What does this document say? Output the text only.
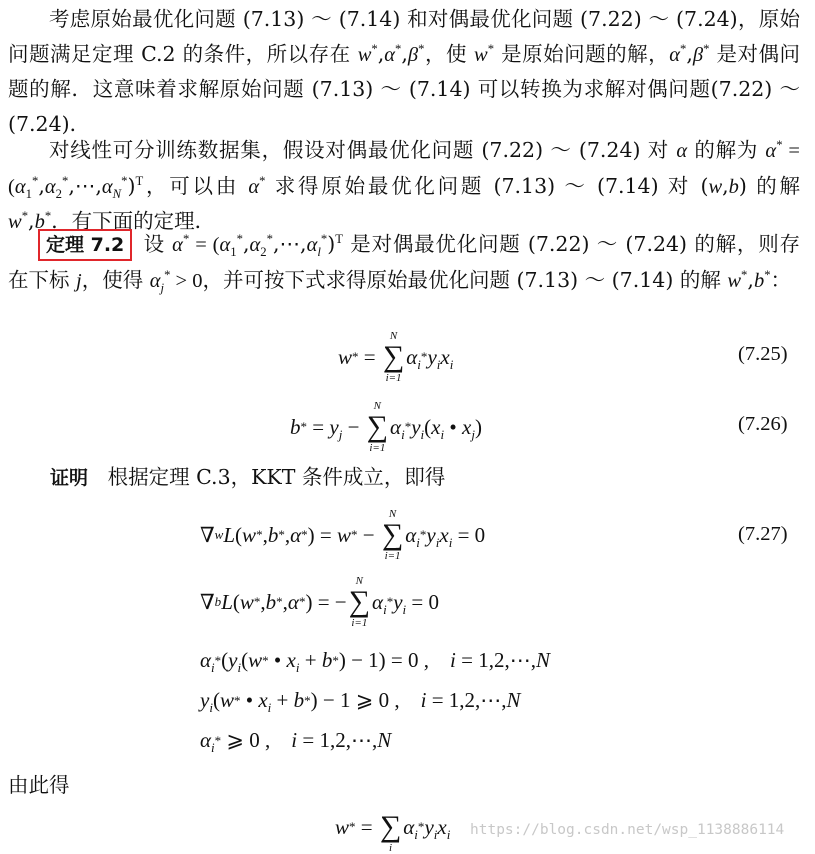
考虑原始最优化问题 (7.13) ～ (7.14) 和对偶最优化问题 (7.22) ～ (7.24)，原始问题满足定理 C.2 的条件，所以存在 w*,α*,β*，使 w* 是原始问题的解，α*,β* 是对偶问题的解．这意味着求解原始问题 (7.13) ～ (7.14) 可以转换为求解对偶问题(7.22) ～ (7.24)．

对线性可分训练数据集，假设对偶最优化问题 (7.22) ～ (7.24) 对 α 的解为 $\alpha^* = (\alpha_1^*,\alpha_2^*,\cdots,\alpha_N^*)^T$，可以由 α* 求得原始最优化问题 (7.13) ～ (7.14) 对 (w,b) 的解 w*,b*．有下面的定理．

定理 7.2 设 $\alpha^* = (\alpha_1^*,\alpha_2^*,\cdots,\alpha_l^*)^T$ 是对偶最优化问题 (7.22) ～ (7.24) 的解，则存在下标 j，使得 $\alpha_j^* > 0$，并可按下式求得原始最优化问题 (7.13) ～ (7.14) 的解 w*,b*：

w * =
N
∑
i=1
$\alpha_i$
* $y_ix_i$	(7.25)
b * = $y_j$ −
N
∑
i=1
$\alpha_i$
* $y_i$ ( $x_i$ • $x_j$ )	(7.26)

证明 根据定理 C.3，KKT 条件成立，即得

∇ w L ( w * , b * , α * ) = w * −
N
∑
i=1
$\alpha_i$
* $y_ix_i = 0$	(7.27)
∇ b L ( w * , b * , α * ) = −
N
∑
i=1
$\alpha_i$
* $y_i = 0$
$\alpha_i$
* ( $y_i$ ( w * • $x_i + b$ * ) − 1) = 0 , i = 1,2,⋯, N
$y_i$ ( w * • $x_i + b$ * ) − 1 ⩾ 0 , i = 1,2,⋯, N
$\alpha_i$
* ⩾ 0 , i = 1,2,⋯, N

由此得

w * =
∑
i
$\alpha_i$
* $y_ix_i$ https://blog.csdn.net/wsp_1138886114
